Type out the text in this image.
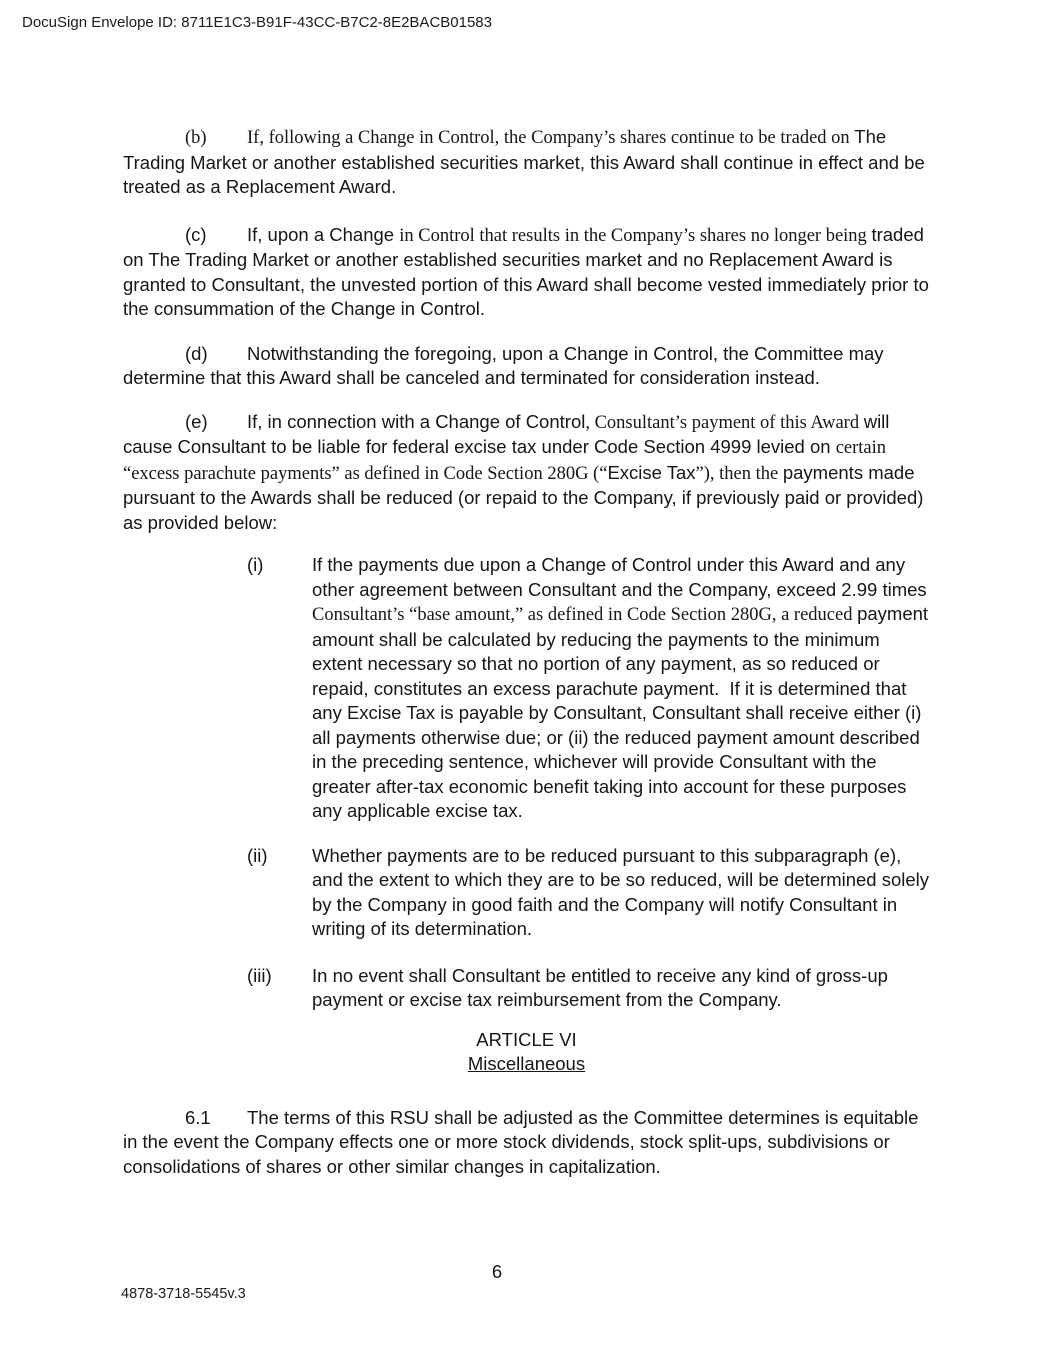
DocuSign Envelope ID: 8711E1C3-B91F-43CC-B7C2-8E2BACB01583

(b) If, following a Change in Control, the Company’s shares continue to be traded on The Trading Market or another established securities market, this Award shall continue in effect and be treated as a Replacement Award.

(c) If, upon a Change in Control that results in the Company’s shares no longer being traded on The Trading Market or another established securities market and no Replacement Award is granted to Consultant, the unvested portion of this Award shall become vested immediately prior to the consummation of the Change in Control.

(d) Notwithstanding the foregoing, upon a Change in Control, the Committee may determine that this Award shall be canceled and terminated for consideration instead.

(e) If, in connection with a Change of Control, Consultant’s payment of this Award will cause Consultant to be liable for federal excise tax under Code Section 4999 levied on certain “excess parachute payments” as defined in Code Section 280G (“Excise Tax”), then the payments made pursuant to the Awards shall be reduced (or repaid to the Company, if previously paid or provided) as provided below:

(i)	If the payments due upon a Change of Control under this Award and any other agreement between Consultant and the Company, exceed 2.99 times Consultant’s “base amount,” as defined in Code Section 280G, a reduced payment amount shall be calculated by reducing the payments to the minimum extent necessary so that no portion of any payment, as so reduced or repaid, constitutes an excess parachute payment.  If it is determined that any Excise Tax is payable by Consultant, Consultant shall receive either (i) all payments otherwise due; or (ii) the reduced payment amount described in the preceding sentence, whichever will provide Consultant with the greater after-tax economic benefit taking into account for these purposes any applicable excise tax.
(ii) Whether payments are to be reduced pursuant to this subparagraph (e), and the extent to which they are to be so reduced, will be determined solely by the Company in good faith and the Company will notify Consultant in writing of its determination.
(iii) In no event shall Consultant be entitled to receive any kind of gross-up payment or excise tax reimbursement from the Company.
ARTICLE VI
Miscellaneous

6.1 The terms of this RSU shall be adjusted as the Committee determines is equitable in the event the Company effects one or more stock dividends, stock split-ups, subdivisions or consolidations of shares or other similar changes in capitalization.

6
4878-3718-5545v.3
